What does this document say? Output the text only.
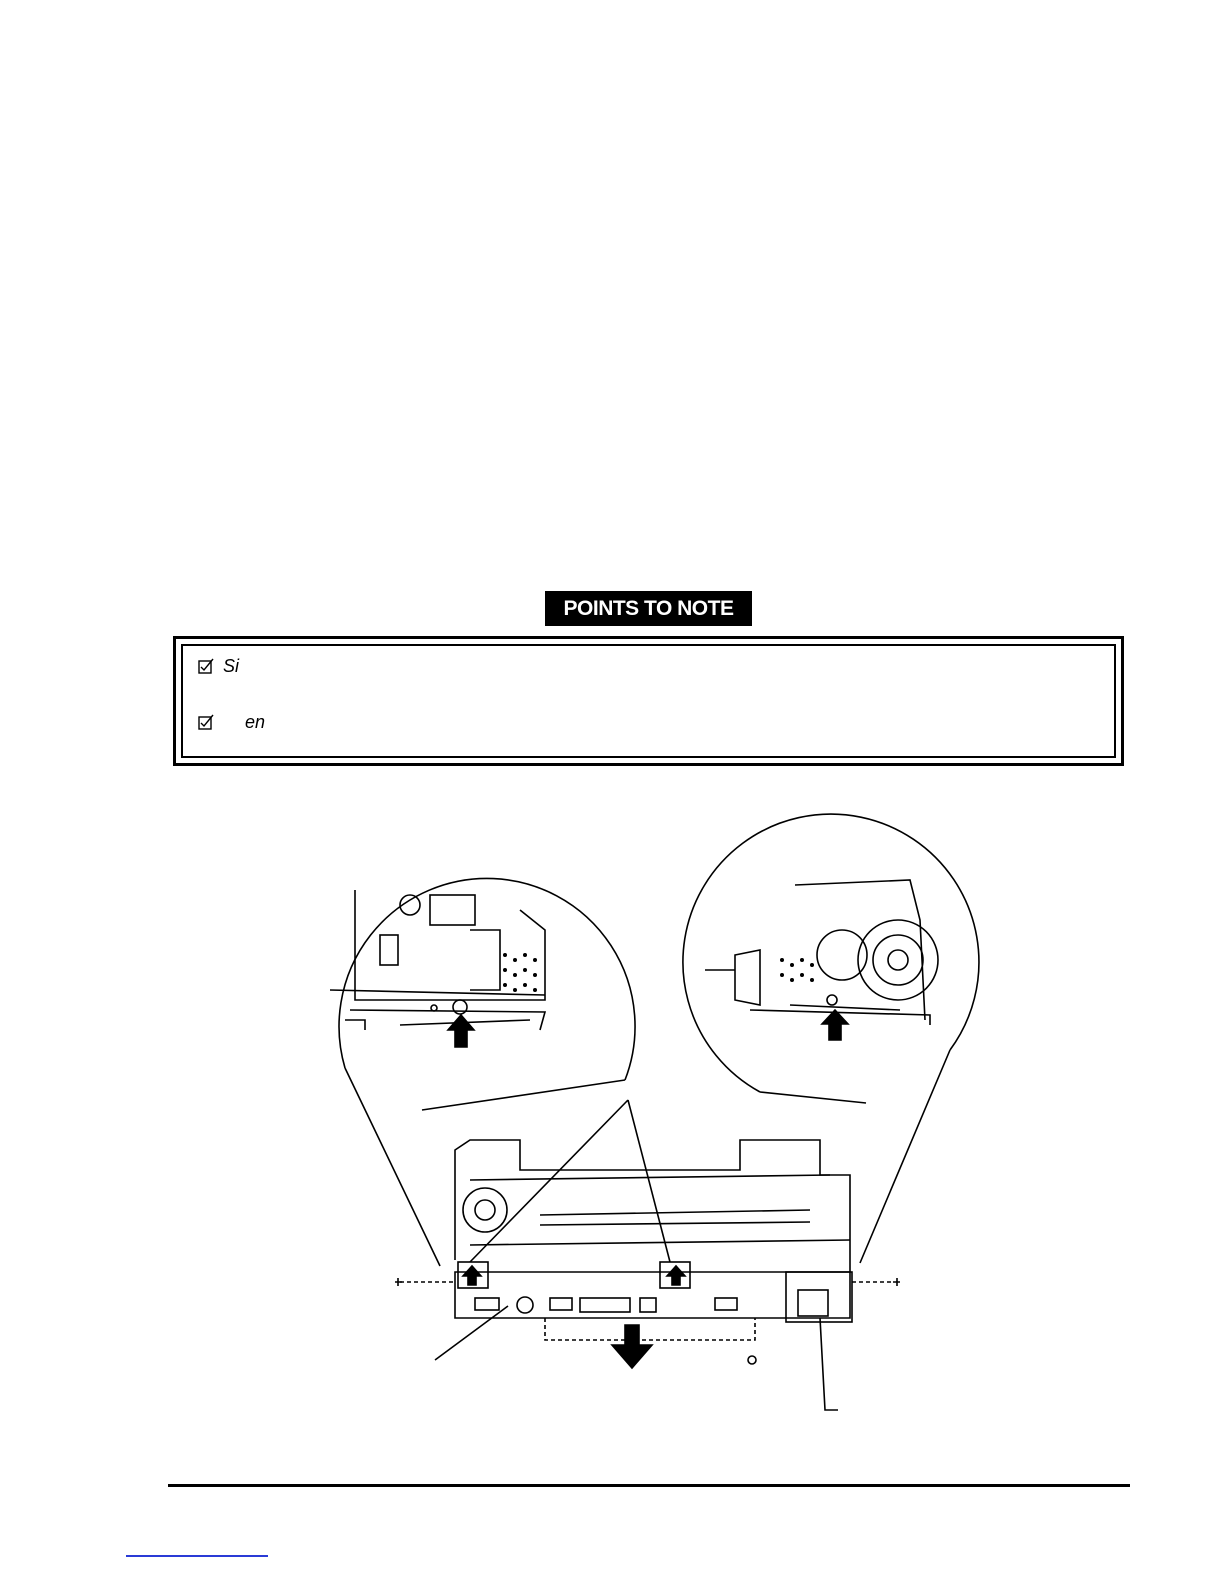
POINTS TO NOTE
Si
en
